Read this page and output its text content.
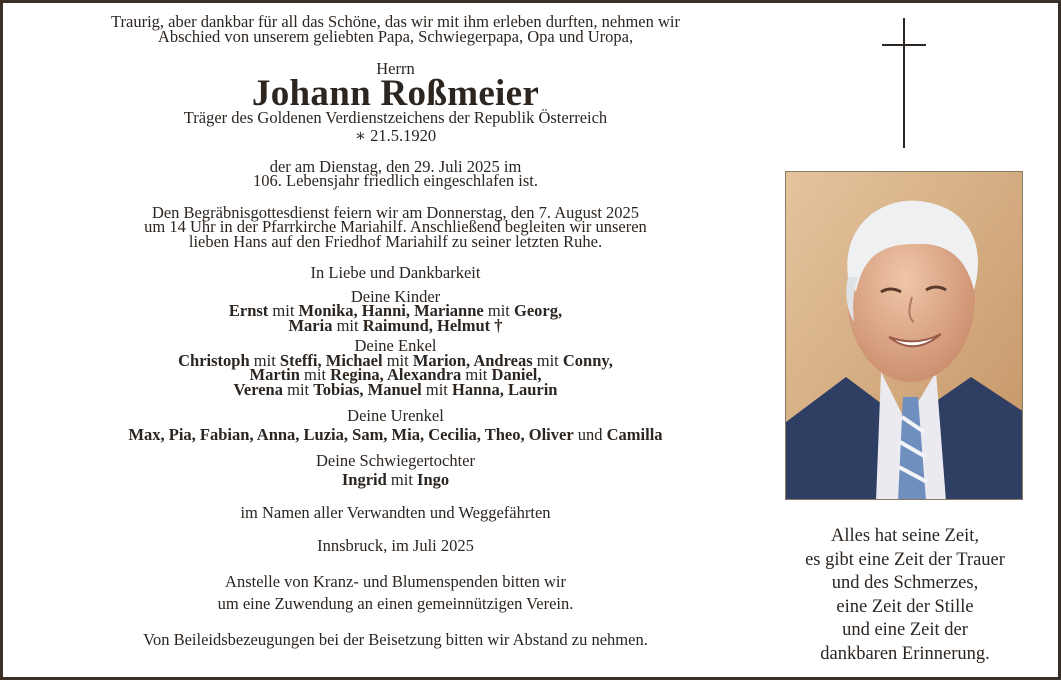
Traurig, aber dankbar für all das Schöne, das wir mit ihm erleben durften, nehmen wir
Abschied von unserem geliebten Papa, Schwiegerpapa, Opa und Uropa,

Herrn

Johann Roßmeier

Träger des Goldenen Verdienstzeichens der Republik Österreich

∗ 21.5.1920

der am Dienstag, den 29. Juli 2025 im
106. Lebensjahr friedlich eingeschlafen ist.

Den Begräbnisgottesdienst feiern wir am Donnerstag, den 7. August 2025
um 14 Uhr in der Pfarrkirche Mariahilf. Anschließend begleiten wir unseren
lieben Hans auf den Friedhof Mariahilf zu seiner letzten Ruhe.

In Liebe und Dankbarkeit

Deine Kinder

Ernst mit Monika, Hanni, Marianne mit Georg,

Maria mit Raimund, Helmut †

Deine Enkel

Christoph mit Steffi, Michael mit Marion, Andreas mit Conny,

Martin mit Regina, Alexandra mit Daniel,

Verena mit Tobias, Manuel mit Hanna, Laurin

Deine Urenkel

Max, Pia, Fabian, Anna, Luzia, Sam, Mia, Cecilia, Theo, Oliver und Camilla

Deine Schwiegertochter

Ingrid mit Ingo

im Namen aller Verwandten und Weggefährten

Innsbruck, im Juli 2025

Anstelle von Kranz- und Blumenspenden bitten wir
um eine Zuwendung an einen gemeinnützigen Verein.

Von Beileidsbezeugungen bei der Beisetzung bitten wir Abstand zu nehmen.

Alles hat seine Zeit,
es gibt eine Zeit der Trauer
und des Schmerzes,
eine Zeit der Stille
und eine Zeit der
dankbaren Erinnerung.
